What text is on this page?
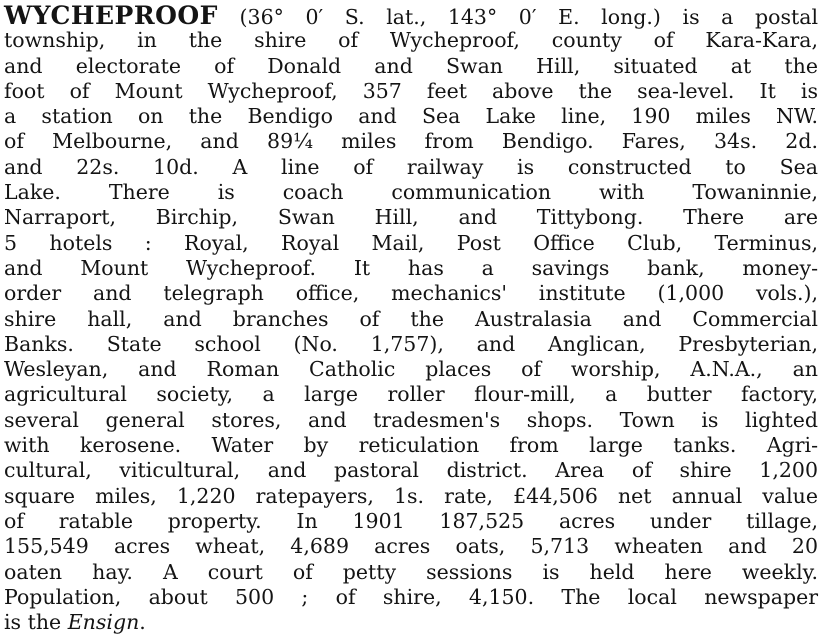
WYCHEPROOF (36° 0′ S. lat., 143° 0′ E. long.) is a postal
township, in the shire of Wycheproof, county of Kara-Kara,
and electorate of Donald and Swan Hill, situated at the
foot of Mount Wycheproof, 357 feet above the sea-level. It is
a station on the Bendigo and Sea Lake line, 190 miles NW.
of Melbourne, and 89¼ miles from Bendigo. Fares, 34s. 2d.
and 22s. 10d. A line of railway is constructed to Sea
Lake. There is coach communication with Towaninnie,
Narraport, Birchip, Swan Hill, and Tittybong. There are
5 hotels : Royal, Royal Mail, Post Office Club, Terminus,
and Mount Wycheproof. It has a savings bank, money-
order and telegraph office, mechanics' institute (1,000 vols.),
shire hall, and branches of the Australasia and Commercial
Banks. State school (No. 1,757), and Anglican, Presbyterian,
Wesleyan, and Roman Catholic places of worship, A.N.A., an
agricultural society, a large roller flour-mill, a butter factory,
several general stores, and tradesmen's shops. Town is lighted
with kerosene. Water by reticulation from large tanks. Agri-
cultural, viticultural, and pastoral district. Area of shire 1,200
square miles, 1,220 ratepayers, 1s. rate, £44,506 net annual value
of ratable property. In 1901 187,525 acres under tillage,
155,549 acres wheat, 4,689 acres oats, 5,713 wheaten and 20
oaten hay. A court of petty sessions is held here weekly.
Population, about 500 ; of shire, 4,150. The local newspaper
is the Ensign.
